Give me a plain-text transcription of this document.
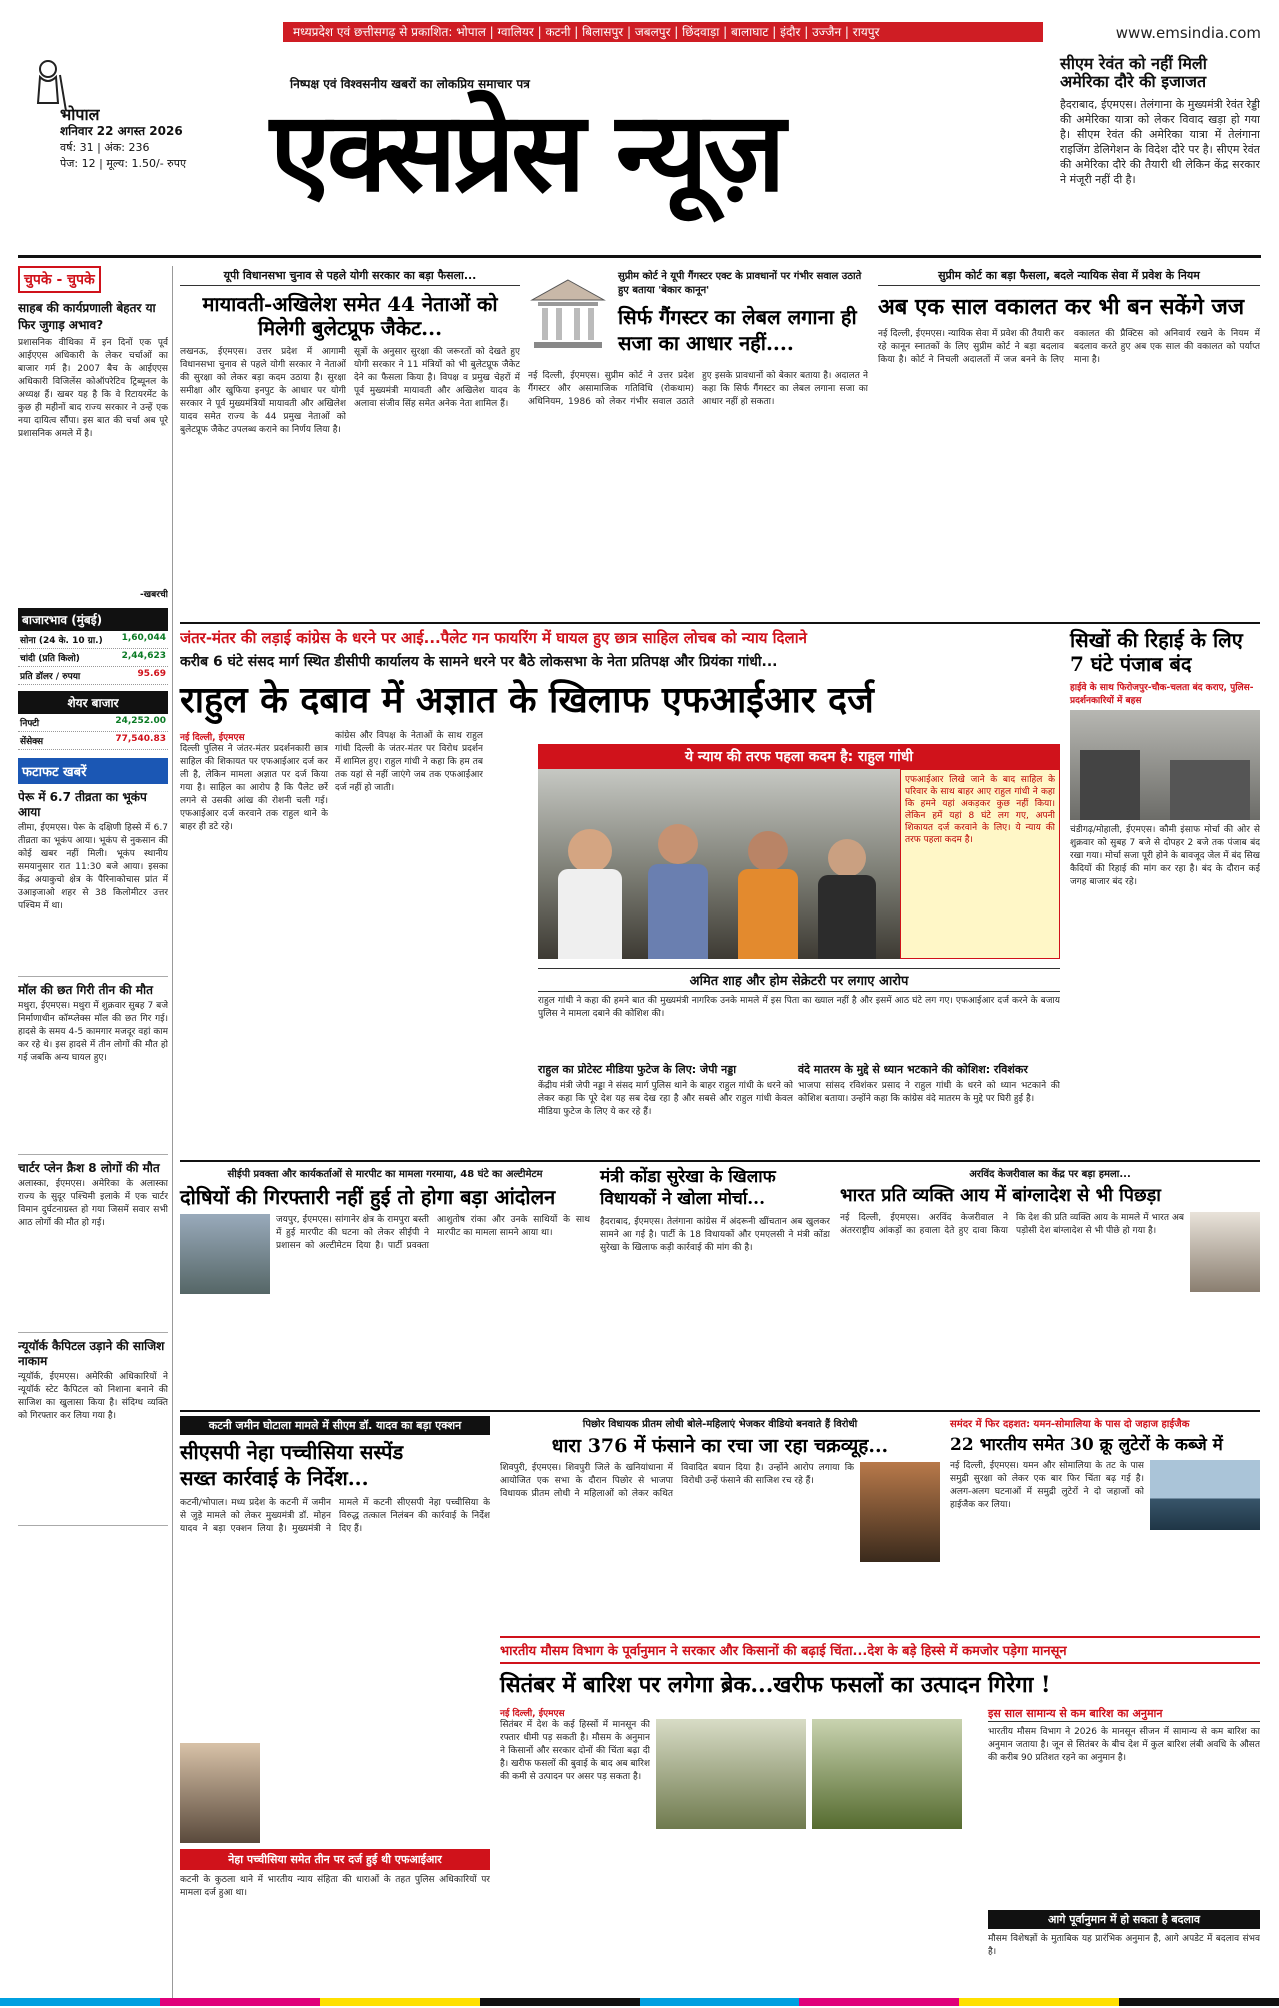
मध्यप्रदेश एवं छत्तीसगढ़ से प्रकाशित: भोपाल | ग्वालियर | कटनी | बिलासपुर | जबलपुर | छिंदवाड़ा | बालाघाट | इंदौर | उज्जैन | रायपुर	www.emsindia.com
भोपाल
शनिवार 22 अगस्त 2026
वर्ष: 31 | अंक: 236
पेज: 12 | मूल्य: 1.50/- रुपए
निष्पक्ष एवं विश्वसनीय खबरों का लोकप्रिय समाचार पत्र
एक्सप्रेस न्यूज़
सीएम रेवंत को नहीं मिली अमेरिका दौरे की इजाजत
हैदराबाद, ईएमएस। तेलंगाना के मुख्यमंत्री रेवंत रेड्डी की अमेरिका यात्रा को लेकर विवाद खड़ा हो गया है। सीएम रेवंत की अमेरिका यात्रा में तेलंगाना राइजिंग डेलिगेशन के विदेश दौरे पर है। सीएम रेवंत की अमेरिका दौरे की तैयारी थी लेकिन केंद्र सरकार ने मंजूरी नहीं दी है।
चुपके - चुपके
साहब की कार्यप्रणाली बेहतर या फिर जुगाड़ अभाव?
प्रशासनिक वीथिका में इन दिनों एक पूर्व आईएएस अधिकारी के लेकर चर्चाओं का बाजार गर्म है। 2007 बैच के आईएएस अधिकारी विजिलेंस कोऑपरेटिव ट्रिब्यूनल के अध्यक्ष हैं। खबर यह है कि वे रिटायरमेंट के कुछ ही महीनों बाद राज्य सरकार ने उन्हें एक नया दायित्व सौंपा। इस बात की चर्चा अब पूरे प्रशासनिक अमले में है।
-खबरची
बाजारभाव (मुंबई)
सोना (24 के. 10 ग्रा.) 1,60,044
चांदी (प्रति किलो)	2,44,623
प्रति डॉलर / रुपया	95.69
शेयर बाजार
निफ्टी	24,252.00
सेंसेक्स	77,540.83
फटाफट खबरें
पेरू में 6.7 तीव्रता का भूकंप आया
लीमा, ईएमएस। पेरू के दक्षिणी हिस्से में 6.7 तीव्रता का भूकंप आया। भूकंप से नुकसान की कोई खबर नहीं मिली। भूकंप स्थानीय समयानुसार रात 11:30 बजे आया। इसका केंद्र अयाकुचो क्षेत्र के पैरिनाकोचास प्रांत में उआइजाओ शहर से 38 किलोमीटर उत्तर पश्चिम में था।
मॉल की छत गिरी तीन की मौत
मथुरा, ईएमएस। मथुरा में शुक्रवार सुबह 7 बजे निर्माणाधीन कॉम्प्लेक्स मॉल की छत गिर गई। हादसे के समय 4-5 कामगार मजदूर वहां काम कर रहे थे। इस हादसे में तीन लोगों की मौत हो गई जबकि अन्य घायल हुए।
चार्टर प्लेन क्रैश 8 लोगों की मौत
अलास्का, ईएमएस। अमेरिका के अलास्का राज्य के सुदूर पश्चिमी इलाके में एक चार्टर विमान दुर्घटनाग्रस्त हो गया जिसमें सवार सभी आठ लोगों की मौत हो गई।
न्यूयॉर्क कैपिटल उड़ाने की साजिश नाकाम
न्यूयॉर्क, ईएमएस। अमेरिकी अधिकारियों ने न्यूयॉर्क स्टेट कैपिटल को निशाना बनाने की साजिश का खुलासा किया है। संदिग्ध व्यक्ति को गिरफ्तार कर लिया गया है।
यूपी विधानसभा चुनाव से पहले योगी सरकार का बड़ा फैसला...
मायावती-अखिलेश समेत 44 नेताओं को मिलेगी बुलेटप्रूफ जैकेट...
लखनऊ, ईएमएस। उत्तर प्रदेश में आगामी विधानसभा चुनाव से पहले योगी सरकार ने नेताओं की सुरक्षा को लेकर बड़ा कदम उठाया है। सुरक्षा समीक्षा और खुफिया इनपुट के आधार पर योगी सरकार ने पूर्व मुख्यमंत्रियों मायावती और अखिलेश यादव समेत राज्य के 44 प्रमुख नेताओं को बुलेटप्रूफ जैकेट उपलब्ध कराने का निर्णय लिया है।
सूत्रों के अनुसार सुरक्षा की जरूरतों को देखते हुए योगी सरकार ने 11 मंत्रियों को भी बुलेटप्रूफ जैकेट देने का फैसला किया है। विपक्ष व प्रमुख चेहरों में पूर्व मुख्यमंत्री मायावती और अखिलेश यादव के अलावा संजीव सिंह समेत अनेक नेता शामिल हैं।
सुप्रीम कोर्ट ने यूपी गैंगस्टर एक्ट के प्रावधानों पर गंभीर सवाल उठाते हुए बताया 'बेकार कानून'
सिर्फ गैंगस्टर का लेबल लगाना ही सजा का आधार नहीं....
नई दिल्ली, ईएमएस। सुप्रीम कोर्ट ने उत्तर प्रदेश गैंगस्टर और असामाजिक गतिविधि (रोकथाम) अधिनियम, 1986 को लेकर गंभीर सवाल उठाते हुए इसके प्रावधानों को बेकार बताया है। अदालत ने कहा कि सिर्फ गैंगस्टर का लेबल लगाना सजा का आधार नहीं हो सकता।
सुप्रीम कोर्ट का बड़ा फैसला, बदले न्यायिक सेवा में प्रवेश के नियम
अब एक साल वकालत कर भी बन सकेंगे जज
नई दिल्ली, ईएमएस। न्यायिक सेवा में प्रवेश की तैयारी कर रहे कानून स्नातकों के लिए सुप्रीम कोर्ट ने बड़ा बदलाव किया है। कोर्ट ने निचली अदालतों में जज बनने के लिए वकालत की प्रैक्टिस को अनिवार्य रखने के नियम में बदलाव करते हुए अब एक साल की वकालत को पर्याप्त माना है।
जंतर-मंतर की लड़ाई कांग्रेस के धरने पर आई...पैलेट गन फायरिंग में घायल हुए छात्र साहिल लोचब को न्याय दिलाने
करीब 6 घंटे संसद मार्ग स्थित डीसीपी कार्यालय के सामने धरने पर बैठे लोकसभा के नेता प्रतिपक्ष और प्रियंका गांधी...
राहुल के दबाव में अज्ञात के खिलाफ एफआईआर दर्ज
नई दिल्ली, ईएमएस
दिल्ली पुलिस ने जंतर-मंतर प्रदर्शनकारी छात्र साहिल की शिकायत पर एफआईआर दर्ज कर ली है, लेकिन मामला अज्ञात पर दर्ज किया गया है। साहिल का आरोप है कि पैलेट छर्रे लगने से उसकी आंख की रोशनी चली गई। एफआईआर दर्ज करवाने तक राहुल थाने के बाहर ही डटे रहे।
कांग्रेस और विपक्ष के नेताओं के साथ राहुल गांधी दिल्ली के जंतर-मंतर पर विरोध प्रदर्शन में शामिल हुए। राहुल गांधी ने कहा कि हम तब तक यहां से नहीं जाएंगे जब तक एफआईआर दर्ज नहीं हो जाती।
ये न्याय की तरफ पहला कदम है: राहुल गांधी
एफआईआर लिखे जाने के बाद साहिल के परिवार के साथ बाहर आए राहुल गांधी ने कहा कि हमने यहां अकड़कर कुछ नहीं किया। लेकिन हमें यहां 8 घंटे लग गए, अपनी शिकायत दर्ज करवाने के लिए। ये न्याय की तरफ पहला कदम है।
अमित शाह और होम सेक्रेटरी पर लगाए आरोप
राहुल गांधी ने कहा की हमने बात की मुख्यमंत्री नागरिक उनके मामले में इस पिता का ख्याल नहीं है और इसमें आठ घंटे लग गए। एफआईआर दर्ज करने के बजाय पुलिस ने मामला दबाने की कोशिश की।
राहुल का प्रोटेस्ट मीडिया फुटेज के लिए: जेपी नड्डा
केंद्रीय मंत्री जेपी नड्डा ने संसद मार्ग पुलिस थाने के बाहर राहुल गांधी के धरने को लेकर कहा कि पूरे देश यह सब देख रहा है और सबसे और राहुल गांधी केवल मीडिया फुटेज के लिए ये कर रहे हैं।
वंदे मातरम के मुद्दे से ध्यान भटकाने की कोशिश: रविशंकर
भाजपा सांसद रविशंकर प्रसाद ने राहुल गांधी के धरने को ध्यान भटकाने की कोशिश बताया। उन्होंने कहा कि कांग्रेस वंदे मातरम के मुद्दे पर घिरी हुई है।
सिखों की रिहाई के लिए 7 घंटे पंजाब बंद
हाईवे के साथ फिरोजपुर-चौक-चलता बंद कराए, पुलिस-प्रदर्शनकारियों में बहस
चंडीगढ़/मोहाली, ईएमएस। कौमी इंसाफ मोर्चा की ओर से शुक्रवार को सुबह 7 बजे से दोपहर 2 बजे तक पंजाब बंद रखा गया। मोर्चा सजा पूरी होने के बावजूद जेल में बंद सिख कैदियों की रिहाई की मांग कर रहा है। बंद के दौरान कई जगह बाजार बंद रहे।
सीईपी प्रवक्ता और कार्यकर्ताओं से मारपीट का मामला गरमाया, 48 घंटे का अल्टीमेटम
दोषियों की गिरफ्तारी नहीं हुई तो होगा बड़ा आंदोलन
जयपुर, ईएमएस। सांगानेर क्षेत्र के रामपुरा बस्ती में हुई मारपीट की घटना को लेकर सीईपी ने प्रशासन को अल्टीमेटम दिया है। पार्टी प्रवक्ता आशुतोष रांका और उनके साथियों के साथ मारपीट का मामला सामने आया था।
मंत्री कोंडा सुरेखा के खिलाफ विधायकों ने खोला मोर्चा...
हैदराबाद, ईएमएस। तेलंगाना कांग्रेस में अंदरूनी खींचतान अब खुलकर सामने आ गई है। पार्टी के 18 विधायकों और एमएलसी ने मंत्री कोंडा सुरेखा के खिलाफ कड़ी कार्रवाई की मांग की है।
अरविंद केजरीवाल का केंद्र पर बड़ा हमला...
भारत प्रति व्यक्ति आय में बांग्लादेश से भी पिछड़ा
नई दिल्ली, ईएमएस। अरविंद केजरीवाल ने अंतरराष्ट्रीय आंकड़ों का हवाला देते हुए दावा किया कि देश की प्रति व्यक्ति आय के मामले में भारत अब पड़ोसी देश बांग्लादेश से भी पीछे हो गया है।
कटनी जमीन घोटाला मामले में सीएम डॉ. यादव का बड़ा एक्शन
सीएसपी नेहा पच्चीसिया सस्पेंड
सख्त कार्रवाई के निर्देश...
कटनी/भोपाल। मध्य प्रदेश के कटनी में जमीन से जुड़े मामले को लेकर मुख्यमंत्री डॉ. मोहन यादव ने बड़ा एक्शन लिया है। मुख्यमंत्री ने मामले में कटनी सीएसपी नेहा पच्चीसिया के विरुद्ध तत्काल निलंबन की कार्रवाई के निर्देश दिए हैं।
नेहा पच्चीसिया समेत तीन पर दर्ज हुई थी एफआईआर
कटनी के कुठला थाने में भारतीय न्याय संहिता की धाराओं के तहत पुलिस अधिकारियों पर मामला दर्ज हुआ था।
पिछोर विधायक प्रीतम लोधी बोले-महिलाएं भेजकर वीडियो बनवाते हैं विरोधी
धारा 376 में फंसाने का रचा जा रहा चक्रव्यूह...
शिवपुरी, ईएमएस। शिवपुरी जिले के खनियांधाना में आयोजित एक सभा के दौरान पिछोर से भाजपा विधायक प्रीतम लोधी ने महिलाओं को लेकर कथित विवादित बयान दिया है। उन्होंने आरोप लगाया कि विरोधी उन्हें फंसाने की साजिश रच रहे हैं।
समंदर में फिर दहशत: यमन-सोमालिया के पास दो जहाज हाईजैक
22 भारतीय समेत 30 क्रू लुटेरों के कब्जे में
नई दिल्ली, ईएमएस। यमन और सोमालिया के तट के पास समुद्री सुरक्षा को लेकर एक बार फिर चिंता बढ़ गई है। अलग-अलग घटनाओं में समुद्री लुटेरों ने दो जहाजों को हाईजैक कर लिया।
भारतीय मौसम विभाग के पूर्वानुमान ने सरकार और किसानों की बढ़ाई चिंता...देश के बड़े हिस्से में कमजोर पड़ेगा मानसून
सितंबर में बारिश पर लगेगा ब्रेक...खरीफ फसलों का उत्पादन गिरेगा !
नई दिल्ली, ईएमएस
सितंबर में देश के कई हिस्सों में मानसून की रफ्तार धीमी पड़ सकती है। मौसम के अनुमान ने किसानों और सरकार दोनों की चिंता बढ़ा दी है। खरीफ फसलों की बुवाई के बाद अब बारिश की कमी से उत्पादन पर असर पड़ सकता है।
इस साल सामान्य से कम बारिश का अनुमान
भारतीय मौसम विभाग ने 2026 के मानसून सीजन में सामान्य से कम बारिश का अनुमान जताया है। जून से सितंबर के बीच देश में कुल बारिश लंबी अवधि के औसत की करीब 90 प्रतिशत रहने का अनुमान है।
आगे पूर्वानुमान में हो सकता है बदलाव
मौसम विशेषज्ञों के मुताबिक यह प्रारंभिक अनुमान है, आगे अपडेट में बदलाव संभव है।
